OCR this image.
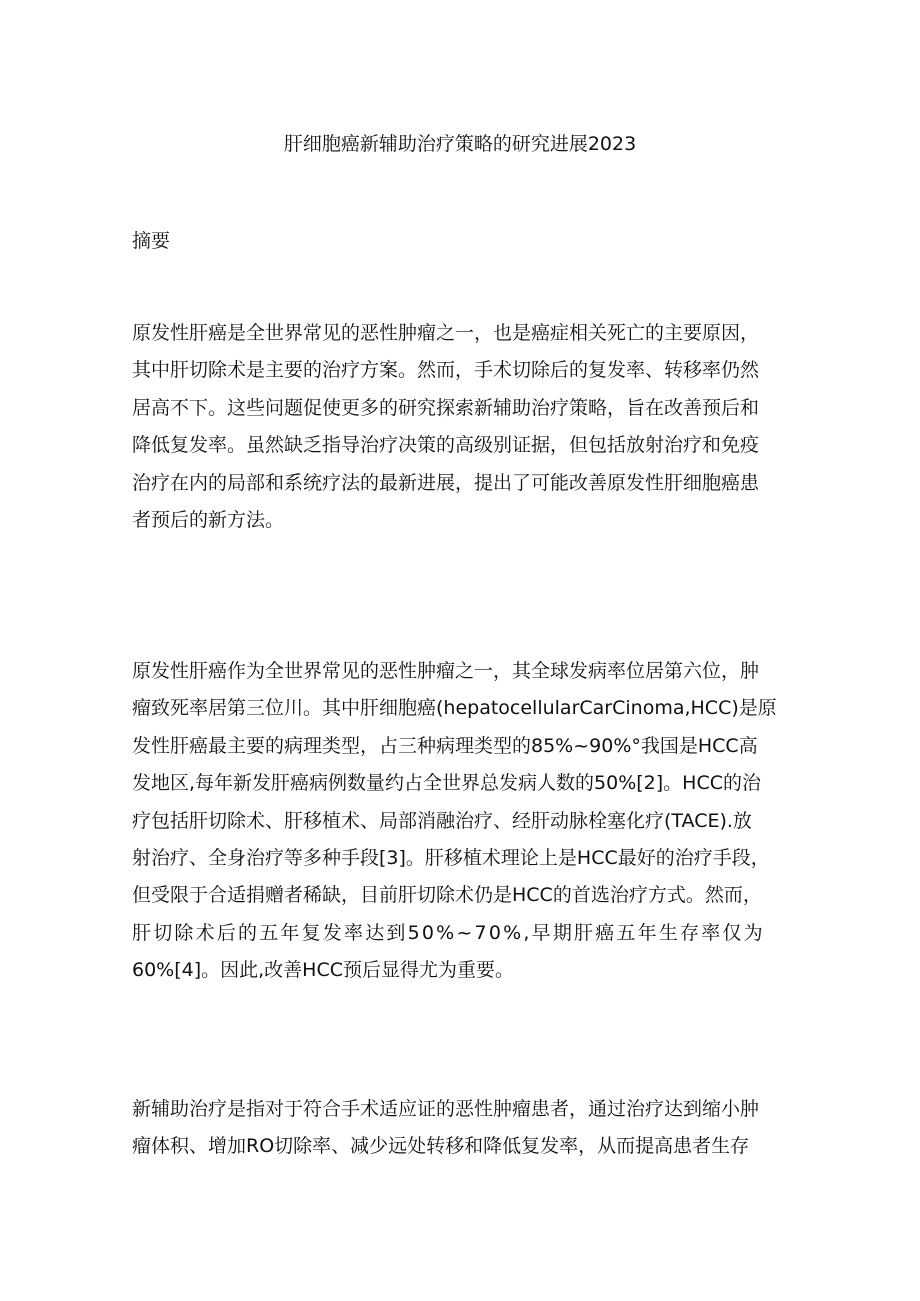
肝细胞癌新辅助治疗策略的研究进展2023
摘要
原发性肝癌是全世界常见的恶性肿瘤之一，也是癌症相关死亡的主要原因，
其中肝切除术是主要的治疗方案。然而，手术切除后的复发率、转移率仍然
居高不下。这些问题促使更多的研究探索新辅助治疗策略，旨在改善预后和
降低复发率。虽然缺乏指导治疗决策的高级别证据，但包括放射治疗和免疫
治疗在内的局部和系统疗法的最新进展，提出了可能改善原发性肝细胞癌患
者预后的新方法。
原发性肝癌作为全世界常见的恶性肿瘤之一，其全球发病率位居第六位，肿
瘤致死率居第三位川。其中肝细胞癌(hepatocellularCarCinoma,HCC)是原
发性肝癌最主要的病理类型，占三种病理类型的85%~90%°我国是HCC高
发地区,每年新发肝癌病例数量约占全世界总发病人数的50%[2]。HCC的治
疗包括肝切除术、肝移植术、局部消融治疗、经肝动脉栓塞化疗(TACE).放
射治疗、全身治疗等多种手段[3]。肝移植术理论上是HCC最好的治疗手段，
但受限于合适捐赠者稀缺，目前肝切除术仍是HCC的首选治疗方式。然而，
肝切除术后的五年复发率达到50%~70%,早期肝癌五年生存率仅为
60%[4]。因此,改善HCC预后显得尤为重要。
新辅助治疗是指对于符合手术适应证的恶性肿瘤患者，通过治疗达到缩小肿
瘤体积、增加RO切除率、减少远处转移和降低复发率，从而提高患者生存
